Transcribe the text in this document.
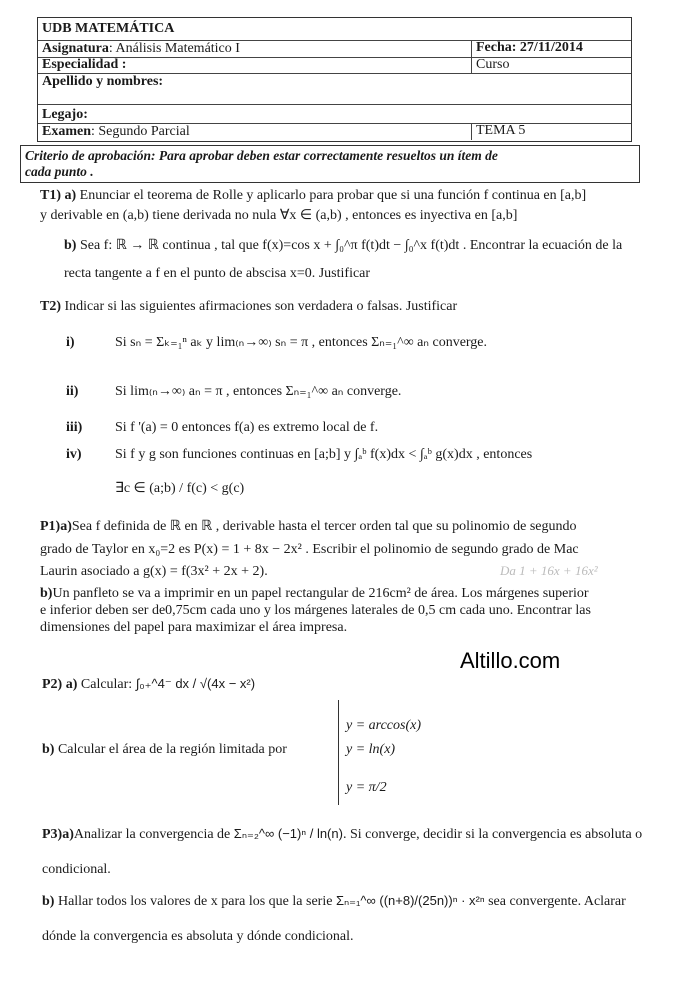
UDB MATEMÁTICA
Asignatura: Análisis Matemático I	Fecha: 27/11/2014
Especialidad :	Curso
Apellido y nombres:
Legajo:
Examen: Segundo Parcial	TEMA 5
Criterio de aprobación: Para aprobar deben estar correctamente resueltos un ítem de
cada punto .
T1) a) Enunciar el teorema de Rolle y aplicarlo para probar que si una función f continua en [a,b]
y derivable en (a,b) tiene derivada no nula ∀x ∈ (a,b) , entonces es inyectiva en [a,b]
b) Sea f: ℝ → ℝ continua , tal que f(x)=cos x + ∫₀^π f(t)dt − ∫₀^x f(t)dt . Encontrar la ecuación de la
recta tangente a f en el punto de abscisa x=0. Justificar
T2) Indicar si las siguientes afirmaciones son verdadera o falsas. Justificar
i)	Si sₙ = Σₖ₌₁ⁿ aₖ y lim₍ₙ→∞₎ sₙ = π , entonces Σₙ₌₁^∞ aₙ converge.
ii)	Si lim₍ₙ→∞₎ aₙ = π , entonces Σₙ₌₁^∞ aₙ converge.
iii) Si f '(a) = 0 entonces f(a) es extremo local de f.
iv) Si f y g son funciones continuas en [a;b] y ∫ₐᵇ f(x)dx < ∫ₐᵇ g(x)dx , entonces
∃c ∈ (a;b) / f(c) < g(c)
P1)a)Sea f definida de ℝ en ℝ , derivable hasta el tercer orden tal que su polinomio de segundo
grado de Taylor en x₀=2 es P(x) = 1 + 8x − 2x² . Escribir el polinomio de segundo grado de Mac
Laurin asociado a g(x) = f(3x² + 2x + 2).	Da 1 + 16x + 16x²
b)Un panfleto se va a imprimir en un papel rectangular de 216cm² de área. Los márgenes superior
e inferior deben ser de0,75cm cada uno y los márgenes laterales de 0,5 cm cada uno. Encontrar las
dimensiones del papel para maximizar el área impresa.
Altillo.com
P2) a) Calcular: ∫₀₊^4⁻ dx / √(4x − x²)
b) Calcular el área de la región limitada por
y = arccos(x)
y = ln(x)
y = π/2
P3)a)Analizar la convergencia de Σₙ₌₂^∞ (−1)ⁿ / ln(n). Si converge, decidir si la convergencia es absoluta o
condicional.
b) Hallar todos los valores de x para los que la serie Σₙ₌₁^∞ ((n+8)/(25n))ⁿ · x²ⁿ sea convergente. Aclarar
dónde la convergencia es absoluta y dónde condicional.
